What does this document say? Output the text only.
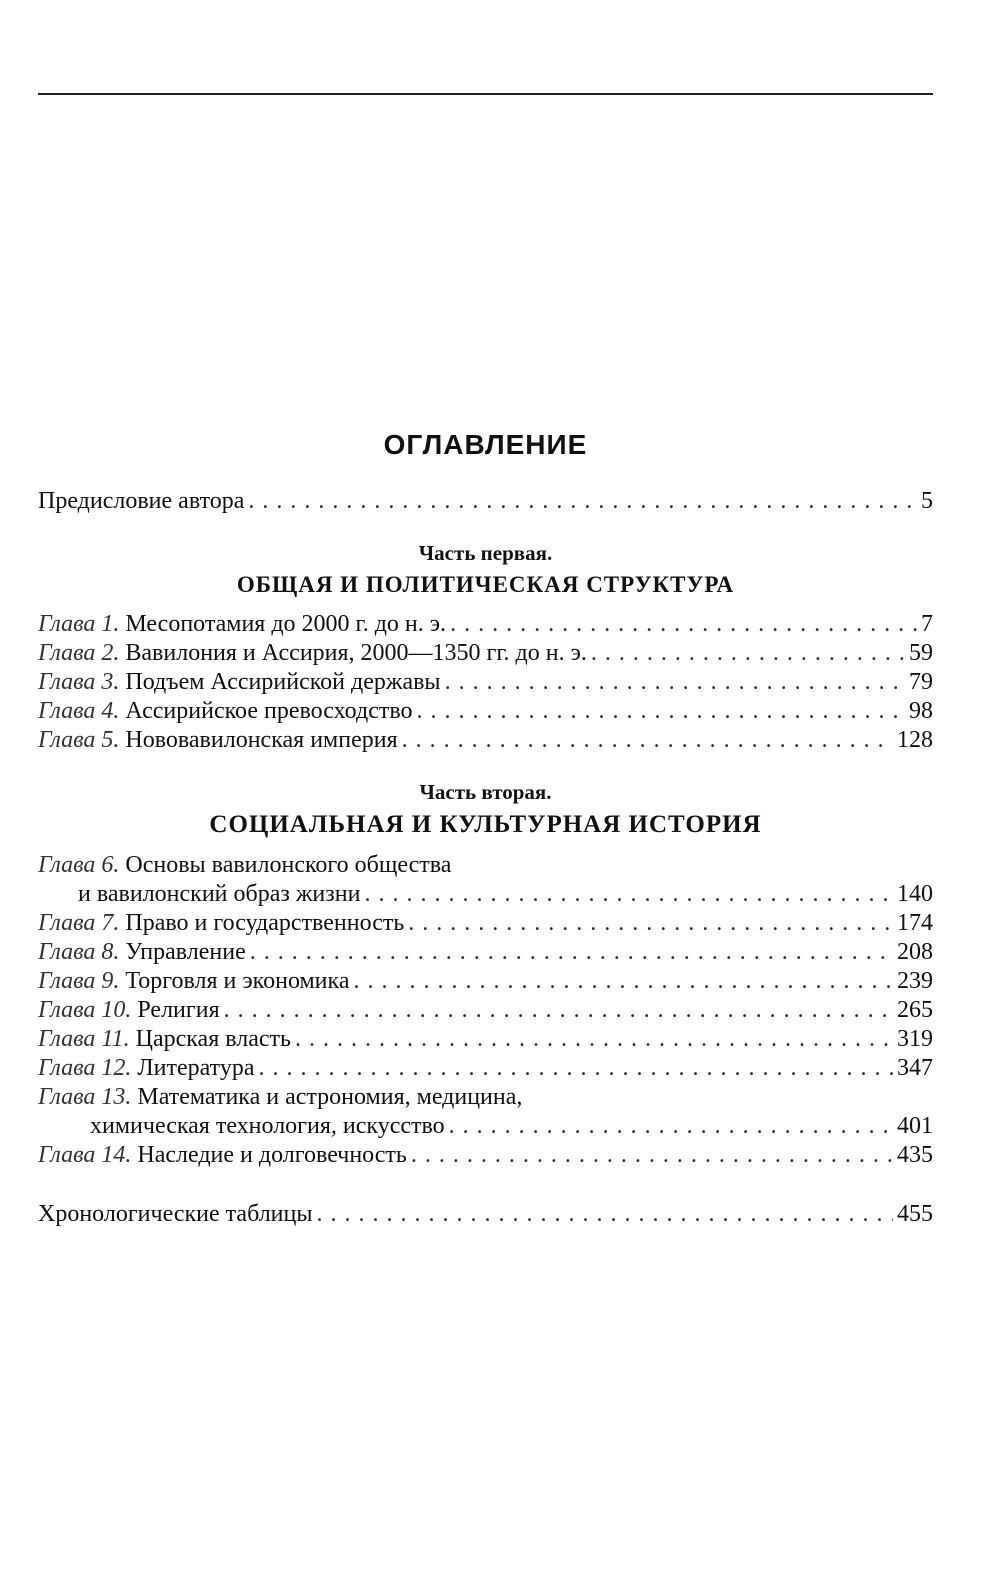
ОГЛАВЛЕНИЕ
Предисловие автора . . .	5
Часть первая.
ОБЩАЯ И ПОЛИТИЧЕСКАЯ СТРУКТУРА
Глава 1. Месопотамия до 2000 г. до н. э. . . .	7
Глава 2. Вавилония и Ассирия, 2000—1350 гг. до н. э. . . .	59
Глава 3. Подъем Ассирийской державы . . .	79
Глава 4. Ассирийское превосходство . . .	98
Глава 5. Нововавилонская империя . . .	128
Часть вторая.
СОЦИАЛЬНАЯ И КУЛЬТУРНАЯ ИСТОРИЯ
Глава 6. Основы вавилонского общества
и вавилонский образ жизни . . .	140
Глава 7. Право и государственность . . .	174
Глава 8. Управление . . .	208
Глава 9. Торговля и экономика . . .	239
Глава 10. Религия . . .	265
Глава 11. Царская власть . . .	319
Глава 12. Литература . . .	347
Глава 13. Математика и астрономия, медицина,
химическая технология, искусство . . .	401
Глава 14. Наследие и долговечность . . .	435
Хронологические таблицы . . .	455
